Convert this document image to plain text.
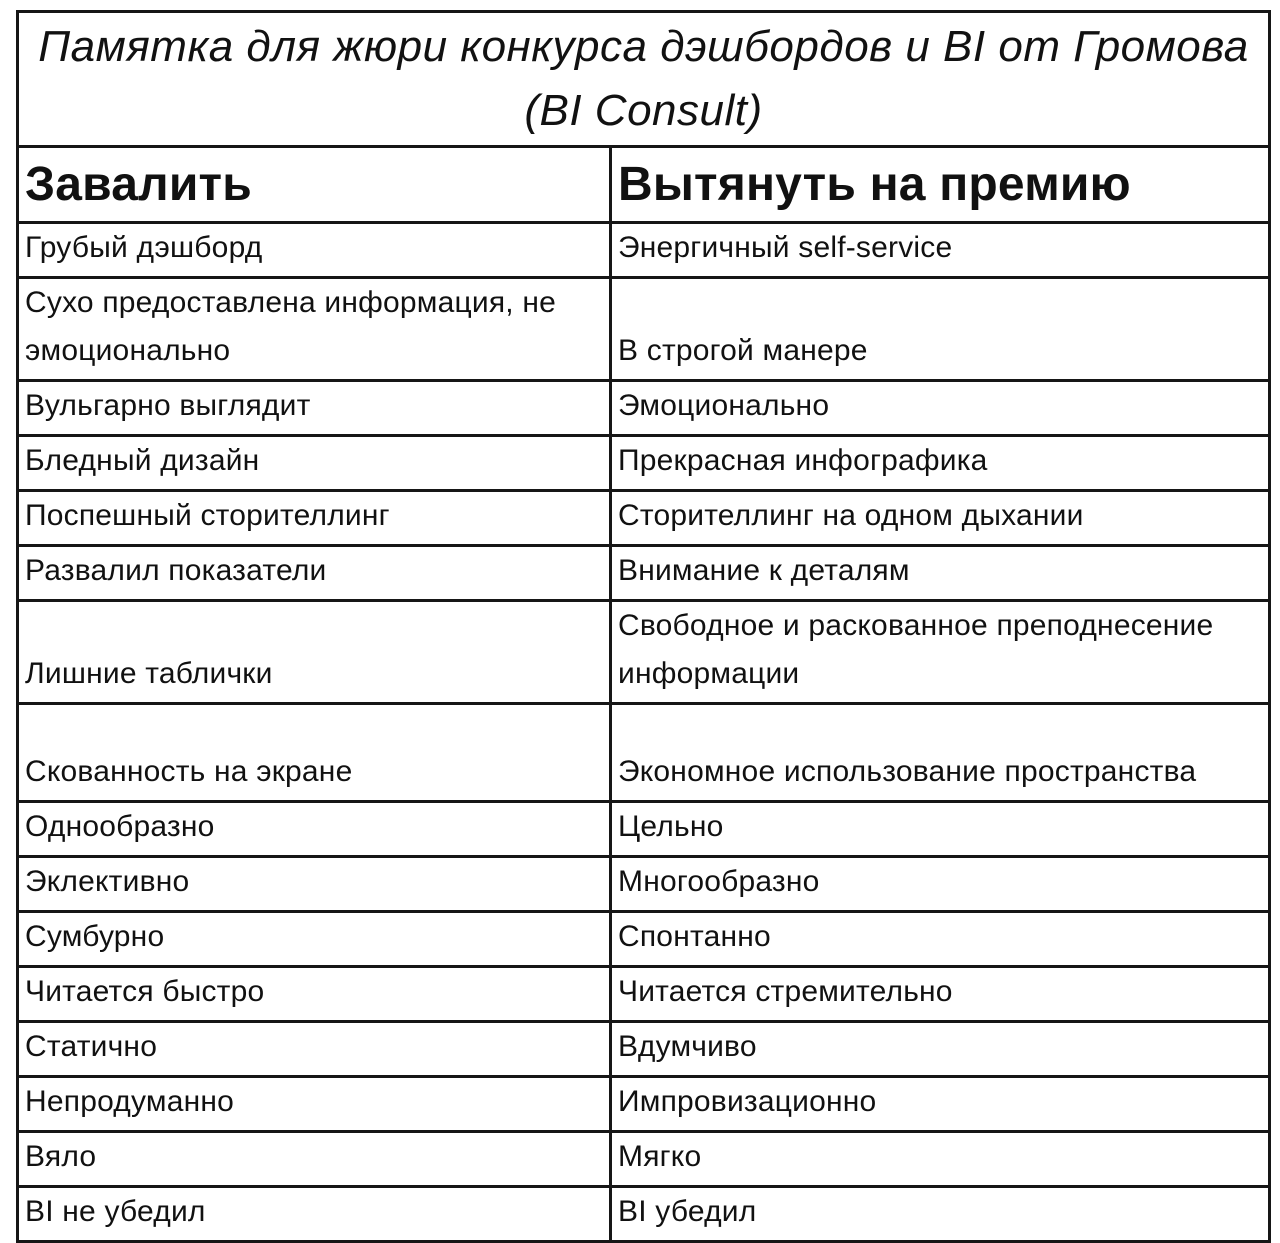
Памятка для жюри конкурса дэшбордов и BI от Громова (BI Consult)	
Завалить	Вытянуть на премию
Грубый дэшборд	Энергичный self-service
Сухо предоставлена информация, не эмоционально	В строгой манере
Вульгарно выглядит	Эмоционально
Бледный дизайн	Прекрасная инфографика
Поспешный сторителлинг	Сторителлинг на одном дыхании
Развалил показатели	Внимание к деталям
Лишние таблички	Свободное и раскованное преподнесение информации
Скованность на экране	Экономное использование пространства
Однообразно	Цельно
Эклективно	Многообразно
Сумбурно	Спонтанно
Читается быстро	Читается стремительно
Статично	Вдумчиво
Непродуманно	Импровизационно
Вяло	Мягко
BI не убедил	BI убедил
